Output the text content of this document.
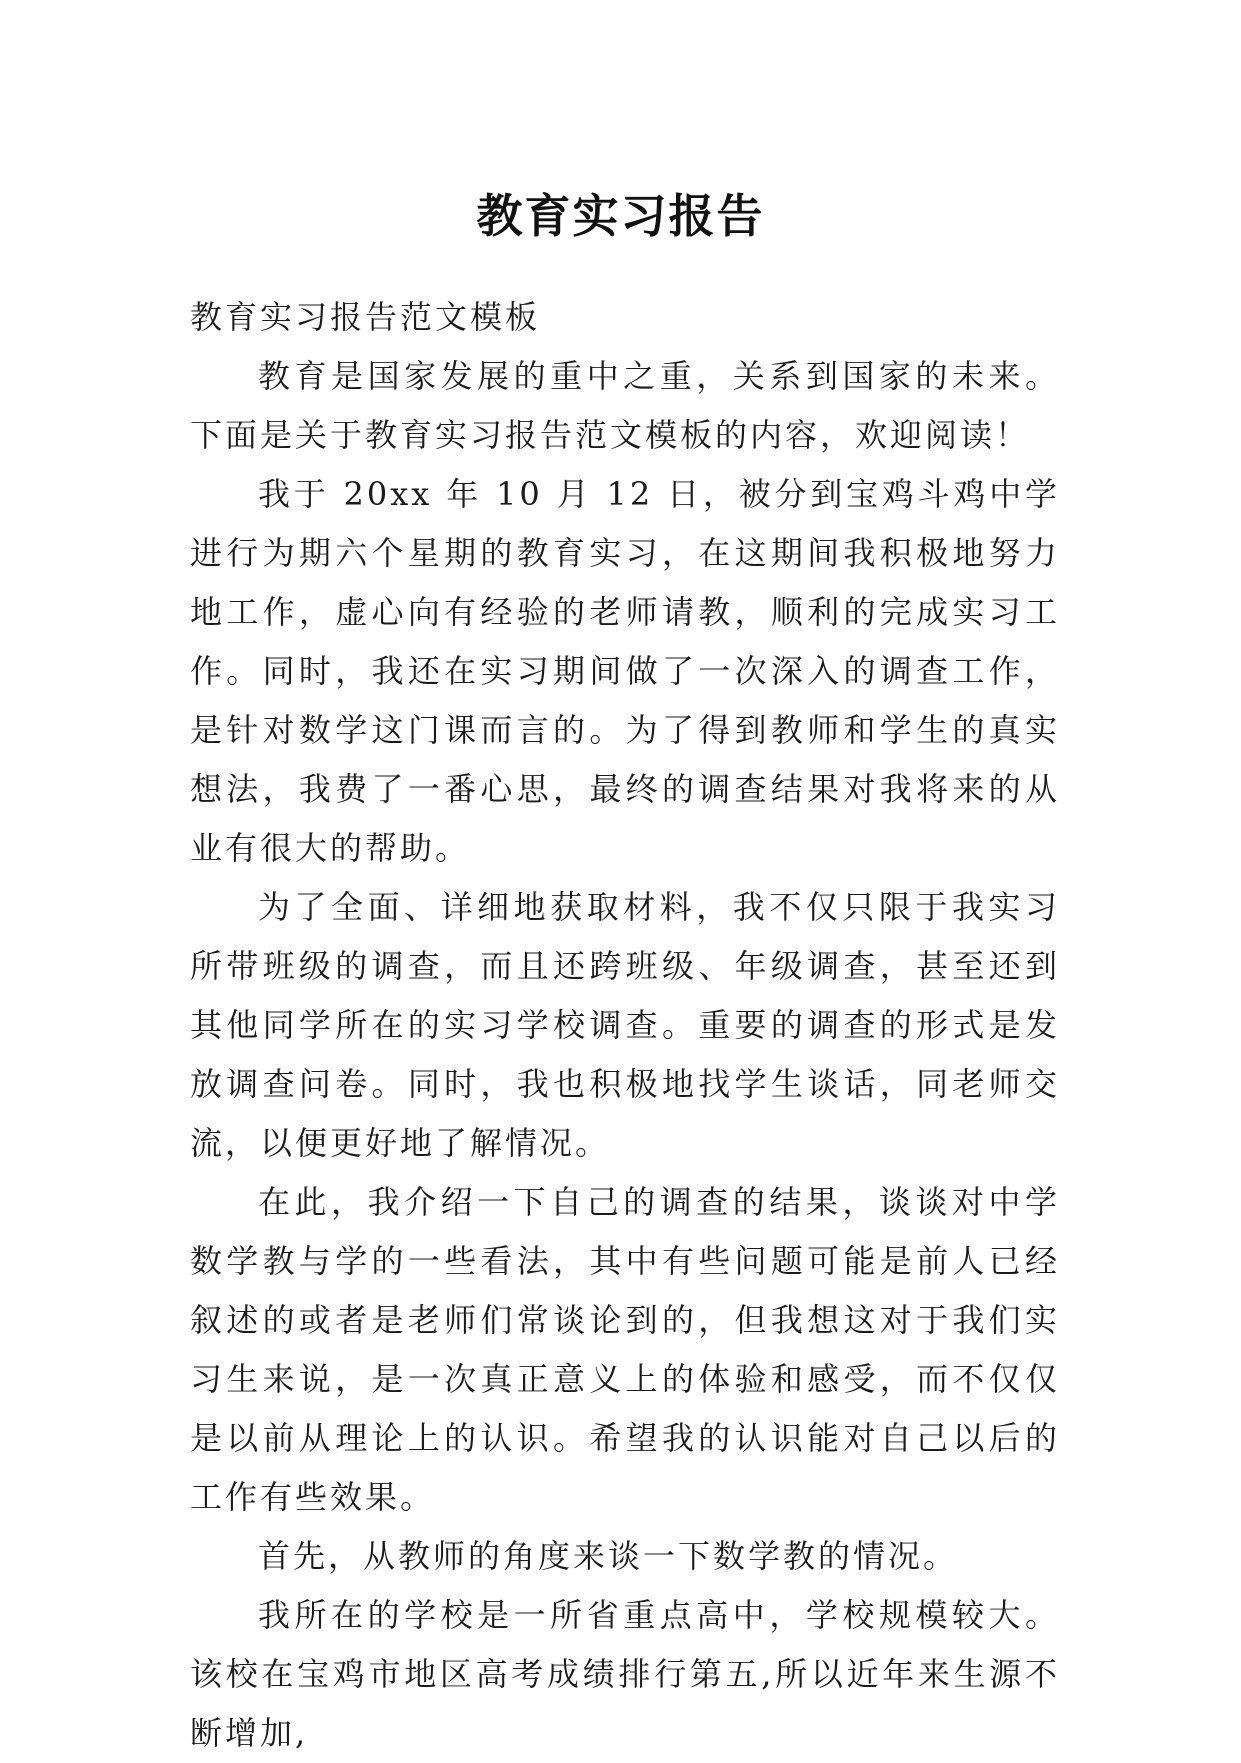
教育实习报告

教育实习报告范文模板

教育是国家发展的重中之重，关系到国家的未来。下面是关于教育实习报告范文模板的内容，欢迎阅读！

我于 20xx 年 10 月 12 日，被分到宝鸡斗鸡中学进行为期六个星期的教育实习，在这期间我积极地努力地工作，虚心向有经验的老师请教，顺利的完成实习工 作。同时，我还在实习期间做了一次深入的调查工作，是针对数学这门课而言的。为了得到教师和学生的真实想法，我费了一番心思，最终的调查结果对我将来的从 业有很大的帮助。

为了全面、详细地获取材料，我不仅只限于我实习所带班级的调查，而且还跨班级、年级调查，甚至还到其他同学所在的实习学校调查。重要的调查的形式是发放调查问卷。同时，我也积极地找学生谈话，同老师交流，以便更好地了解情况。

在此，我介绍一下自己的调查的结果，谈谈对中学数学教与学的一些看法，其中有些问题可能是前人已经叙述的或者是老师们常谈论到的，但我想这对于我们实习生来说，是一次真正意义上的体验和感受，而不仅仅是以前从理论上的认识。希望我的认识能对自己以后的工作有些效果。

首先，从教师的角度来谈一下数学教的情况。

我所在的学校是一所省重点高中，学校规模较大。该校在宝鸡市地区高考成绩排行第五,所以近年来生源不断增加,
